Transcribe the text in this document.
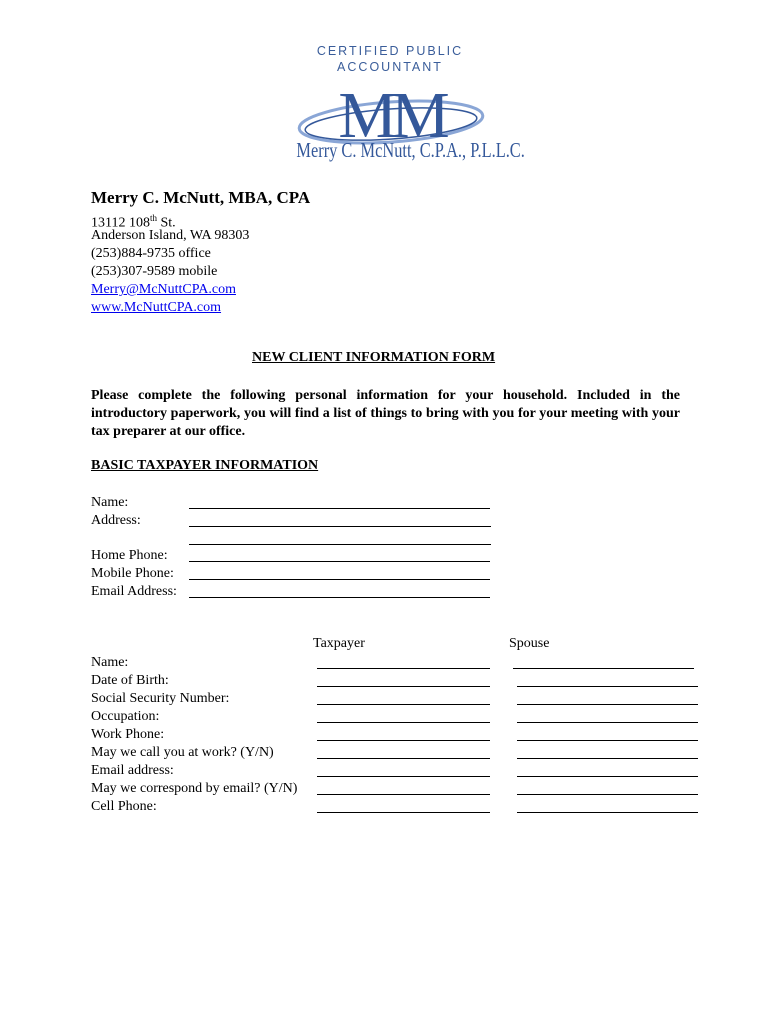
CERTIFIED PUBLIC
ACCOUNTANT
MM
Merry C. McNutt, C.P.A., P.L.L.C.
Merry C. McNutt, MBA, CPA
13112 108th St.
Anderson Island, WA 98303
(253)884-9735 office
(253)307-9589 mobile
Merry@McNuttCPA.com
www.McNuttCPA.com
NEW CLIENT INFORMATION FORM
Please complete the following personal information for your household. Included in the introductory paperwork, you will find a list of things to bring with you for your meeting with your tax preparer at our office.
BASIC TAXPAYER INFORMATION
Name:
Address:
Home Phone:
Mobile Phone:
Email Address:
Taxpayer	Spouse
Name:
Date of Birth:
Social Security Number:
Occupation:
Work Phone:
May we call you at work? (Y/N)
Email address:
May we correspond by email? (Y/N)
Cell Phone:
